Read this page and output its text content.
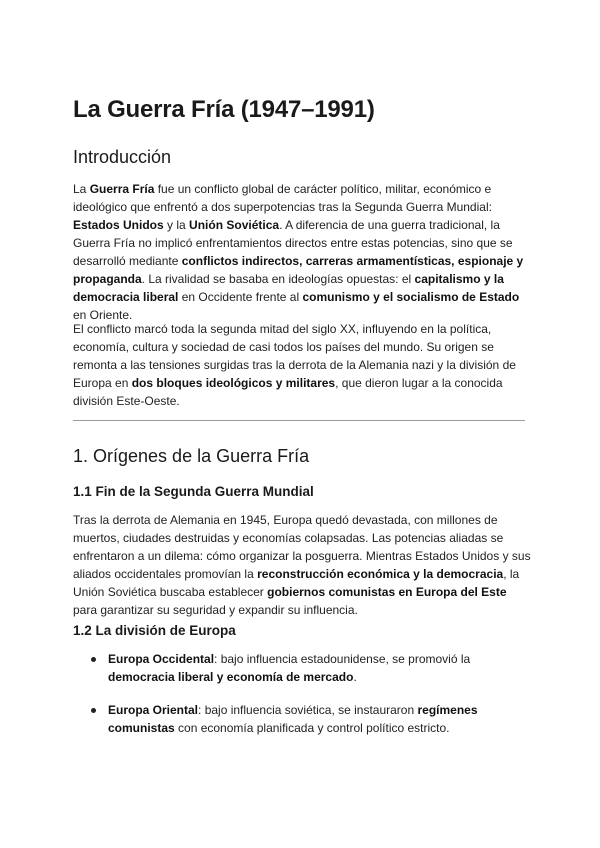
La Guerra Fría (1947–1991)
Introducción

La Guerra Fría fue un conflicto global de carácter político, militar, económico e ideológico que enfrentó a dos superpotencias tras la Segunda Guerra Mundial: Estados Unidos y la Unión Soviética. A diferencia de una guerra tradicional, la Guerra Fría no implicó enfrentamientos directos entre estas potencias, sino que se desarrolló mediante conflictos indirectos, carreras armamentísticas, espionaje y propaganda. La rivalidad se basaba en ideologías opuestas: el capitalismo y la democracia liberal en Occidente frente al comunismo y el socialismo de Estado en Oriente.

El conflicto marcó toda la segunda mitad del siglo XX, influyendo en la política, economía, cultura y sociedad de casi todos los países del mundo. Su origen se remonta a las tensiones surgidas tras la derrota de la Alemania nazi y la división de Europa en dos bloques ideológicos y militares, que dieron lugar a la conocida división Este-Oeste.

1. Orígenes de la Guerra Fría
1.1 Fin de la Segunda Guerra Mundial

Tras la derrota de Alemania en 1945, Europa quedó devastada, con millones de muertos, ciudades destruidas y economías colapsadas. Las potencias aliadas se enfrentaron a un dilema: cómo organizar la posguerra. Mientras Estados Unidos y sus aliados occidentales promovían la reconstrucción económica y la democracia, la Unión Soviética buscaba establecer gobiernos comunistas en Europa del Este para garantizar su seguridad y expandir su influencia.

1.2 La división de Europa
Europa Occidental: bajo influencia estadounidense, se promovió la democracia liberal y economía de mercado.
Europa Oriental: bajo influencia soviética, se instauraron regímenes comunistas con economía planificada y control político estricto.
